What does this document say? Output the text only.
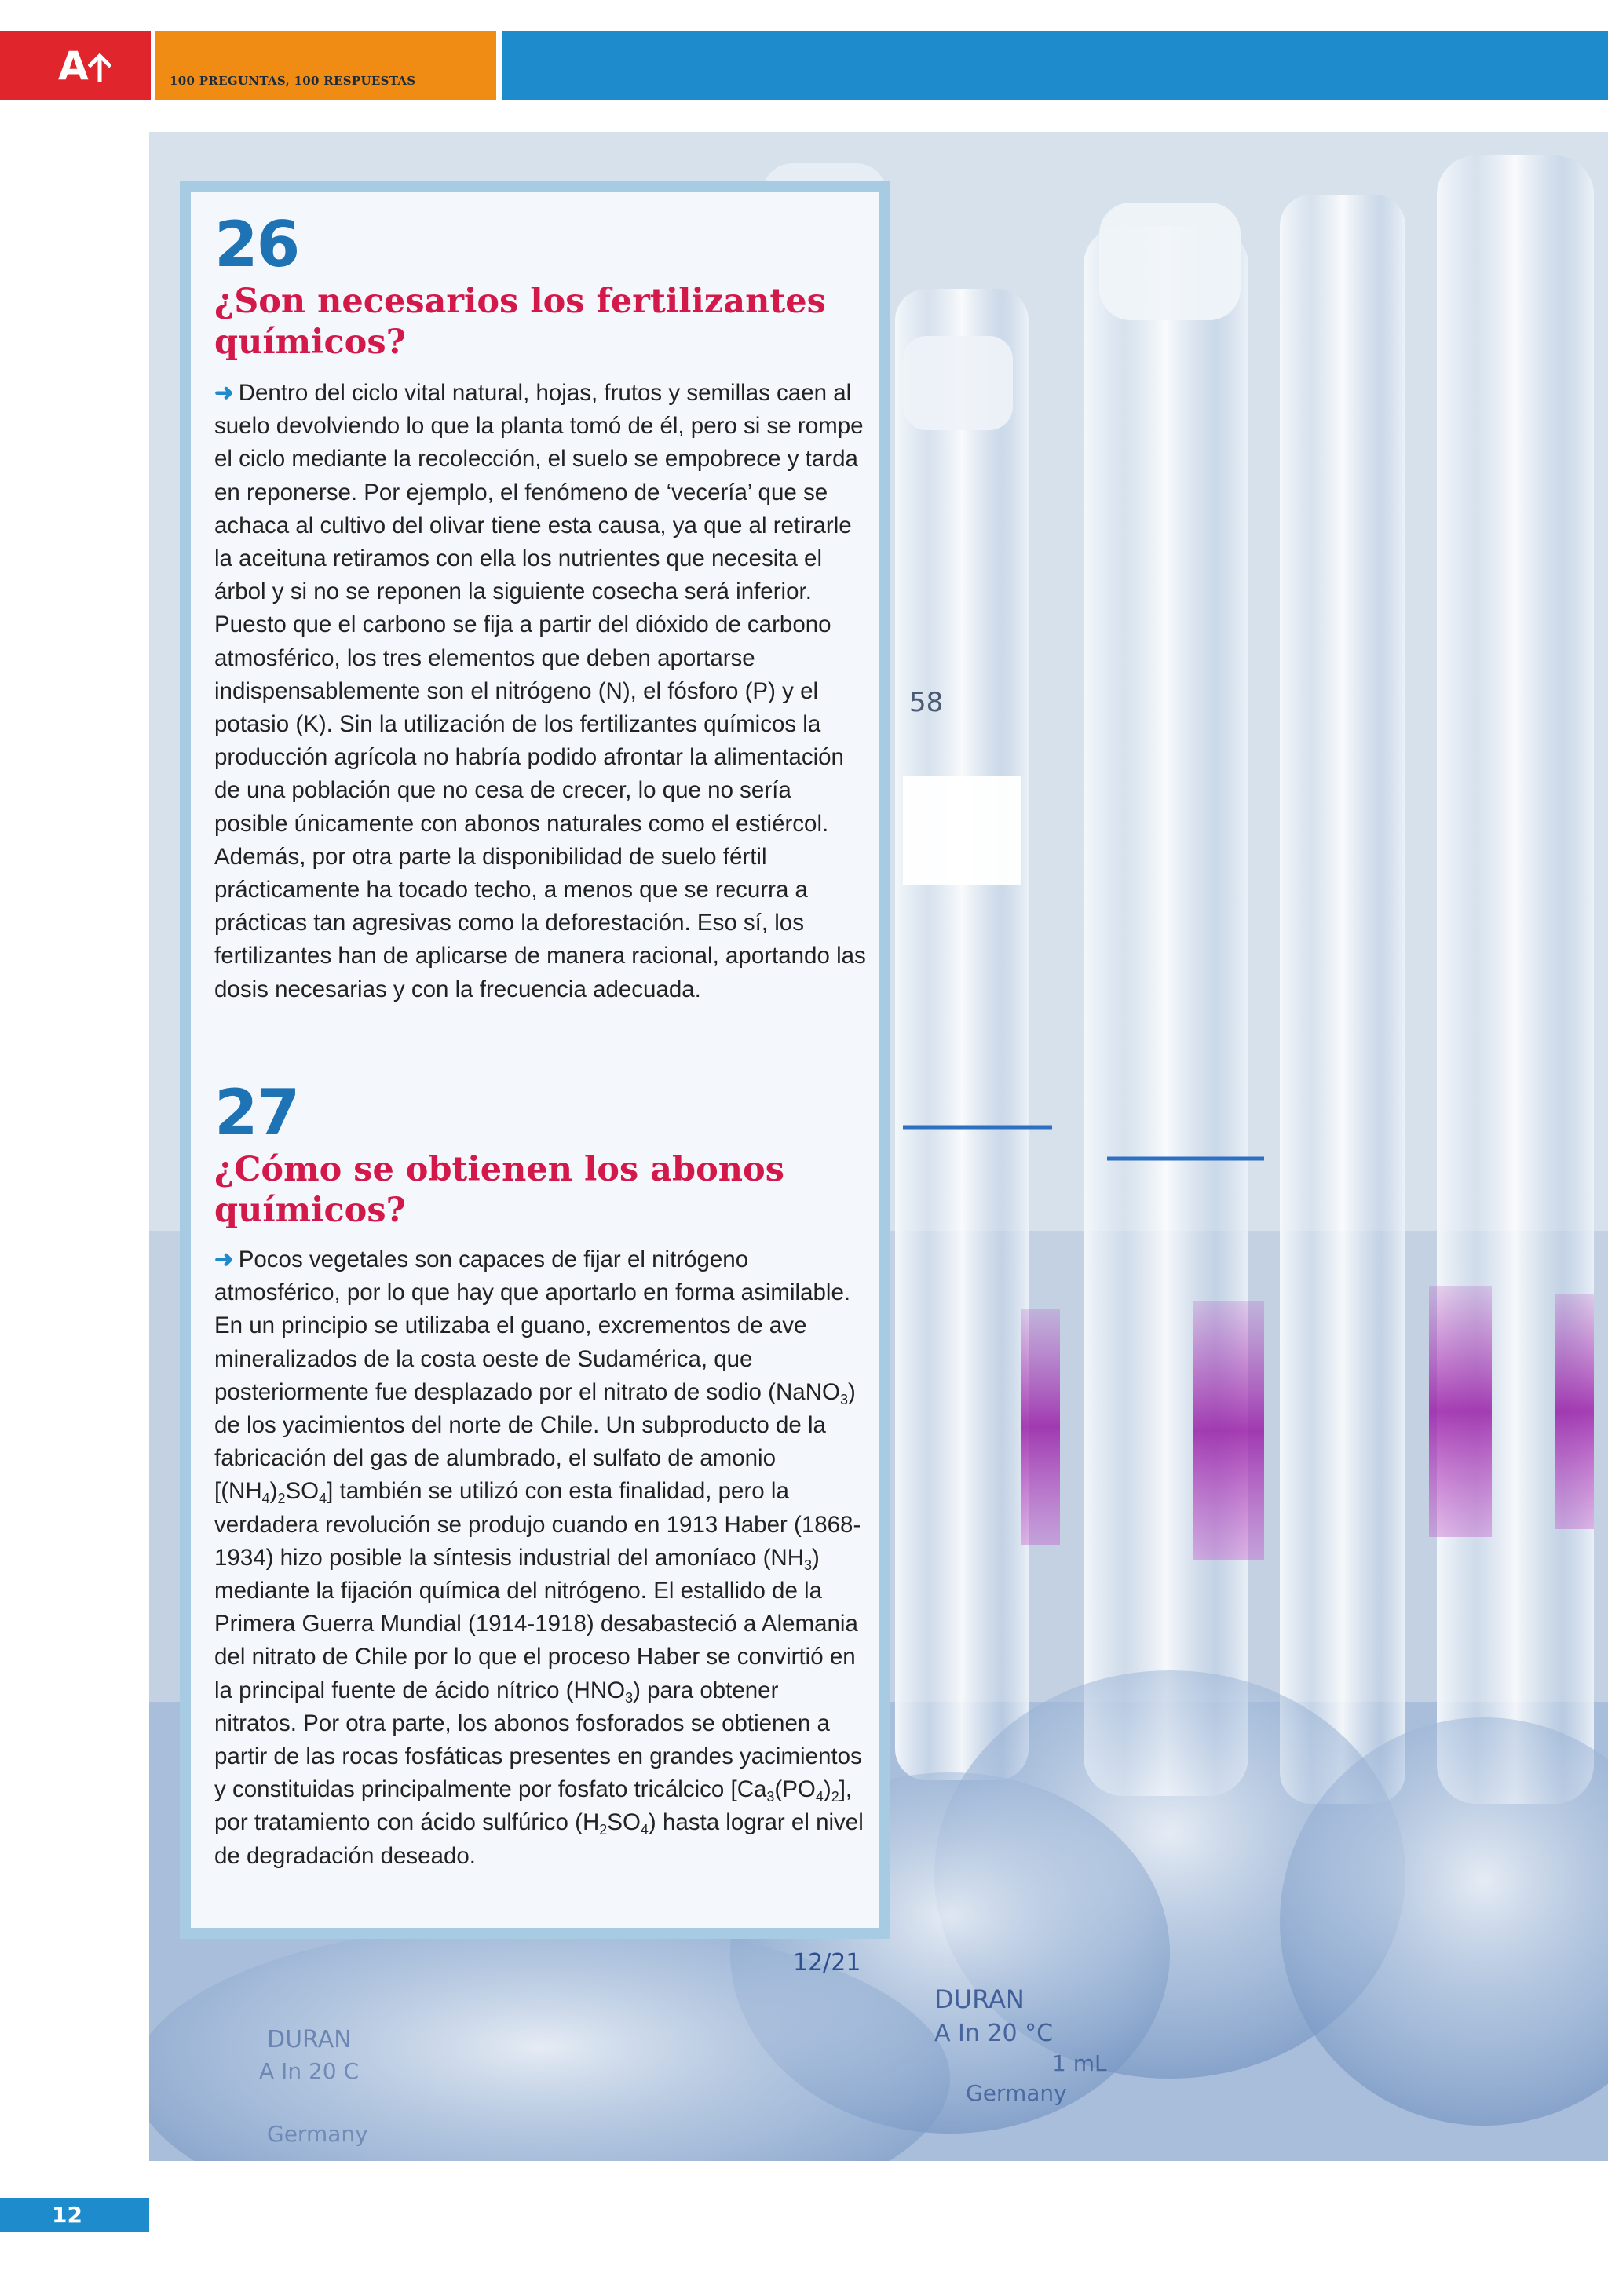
A	100 PREGUNTAS, 100 RESPUESTAS
58
12/21
DURAN
A In 20 °C
1 mL
Germany
DURAN
A In 20 C
Germany
26
¿Son necesarios los fertilizantes químicos?
➜ Dentro del ciclo vital natural, hojas, frutos y semillas caen al suelo devolviendo lo que la planta tomó de él, pero si se rompe el ciclo mediante la recolección, el suelo se empobrece y tarda en reponerse. Por ejemplo, el fenómeno de ‘vecería’ que se achaca al cultivo del olivar tiene esta causa, ya que al retirarle la aceituna retiramos con ella los nutrientes que necesita el árbol y si no se reponen la siguiente cosecha será inferior. Puesto que el carbono se fija a partir del dióxido de carbono atmosférico, los tres elementos que deben aportarse indispensablemente son el nitrógeno (N), el fósforo (P) y el potasio (K). Sin la utilización de los fertilizantes químicos la producción agrícola no habría podido afrontar la alimentación de una población que no cesa de crecer, lo que no sería posible únicamente con abonos naturales como el estiércol. Además, por otra parte la disponibilidad de suelo fértil prácticamente ha tocado techo, a menos que se recurra a prácticas tan agresivas como la deforestación. Eso sí, los fertilizantes han de aplicarse de manera racional, aportando las dosis necesarias y con la frecuencia adecuada.
27
¿Cómo se obtienen los abonos químicos?
➜ Pocos vegetales son capaces de fijar el nitrógeno atmosférico, por lo que hay que aportarlo en forma asimilable. En un principio se utilizaba el guano, excrementos de ave mineralizados de la costa oeste de Sudamérica, que posteriormente fue desplazado por el nitrato de sodio (NaNO$_3$) de los yacimientos del norte de Chile. Un subproducto de la fabricación del gas de alumbrado, el sulfato de amonio $[(NH_4)_2SO_4]$ también se utilizó con esta finalidad, pero la verdadera revolución se produjo cuando en 1913 Haber (1868-1934) hizo posible la síntesis industrial del amoníaco $(NH_3)$ mediante la fijación química del nitrógeno. El estallido de la Primera Guerra Mundial (1914-1918) desabasteció a Alemania del nitrato de Chile por lo que el proceso Haber se convirtió en la principal fuente de ácido nítrico $(HNO_3)$ para obtener nitratos. Por otra parte, los abonos fosforados se obtienen a partir de las rocas fosfáticas presentes en grandes yacimientos y constituidas principalmente por fosfato tricálcico $[Ca_3(PO_4)_2]$, por tratamiento con ácido sulfúrico $(H_2SO_4)$ hasta lograr el nivel de degradación deseado.
12
